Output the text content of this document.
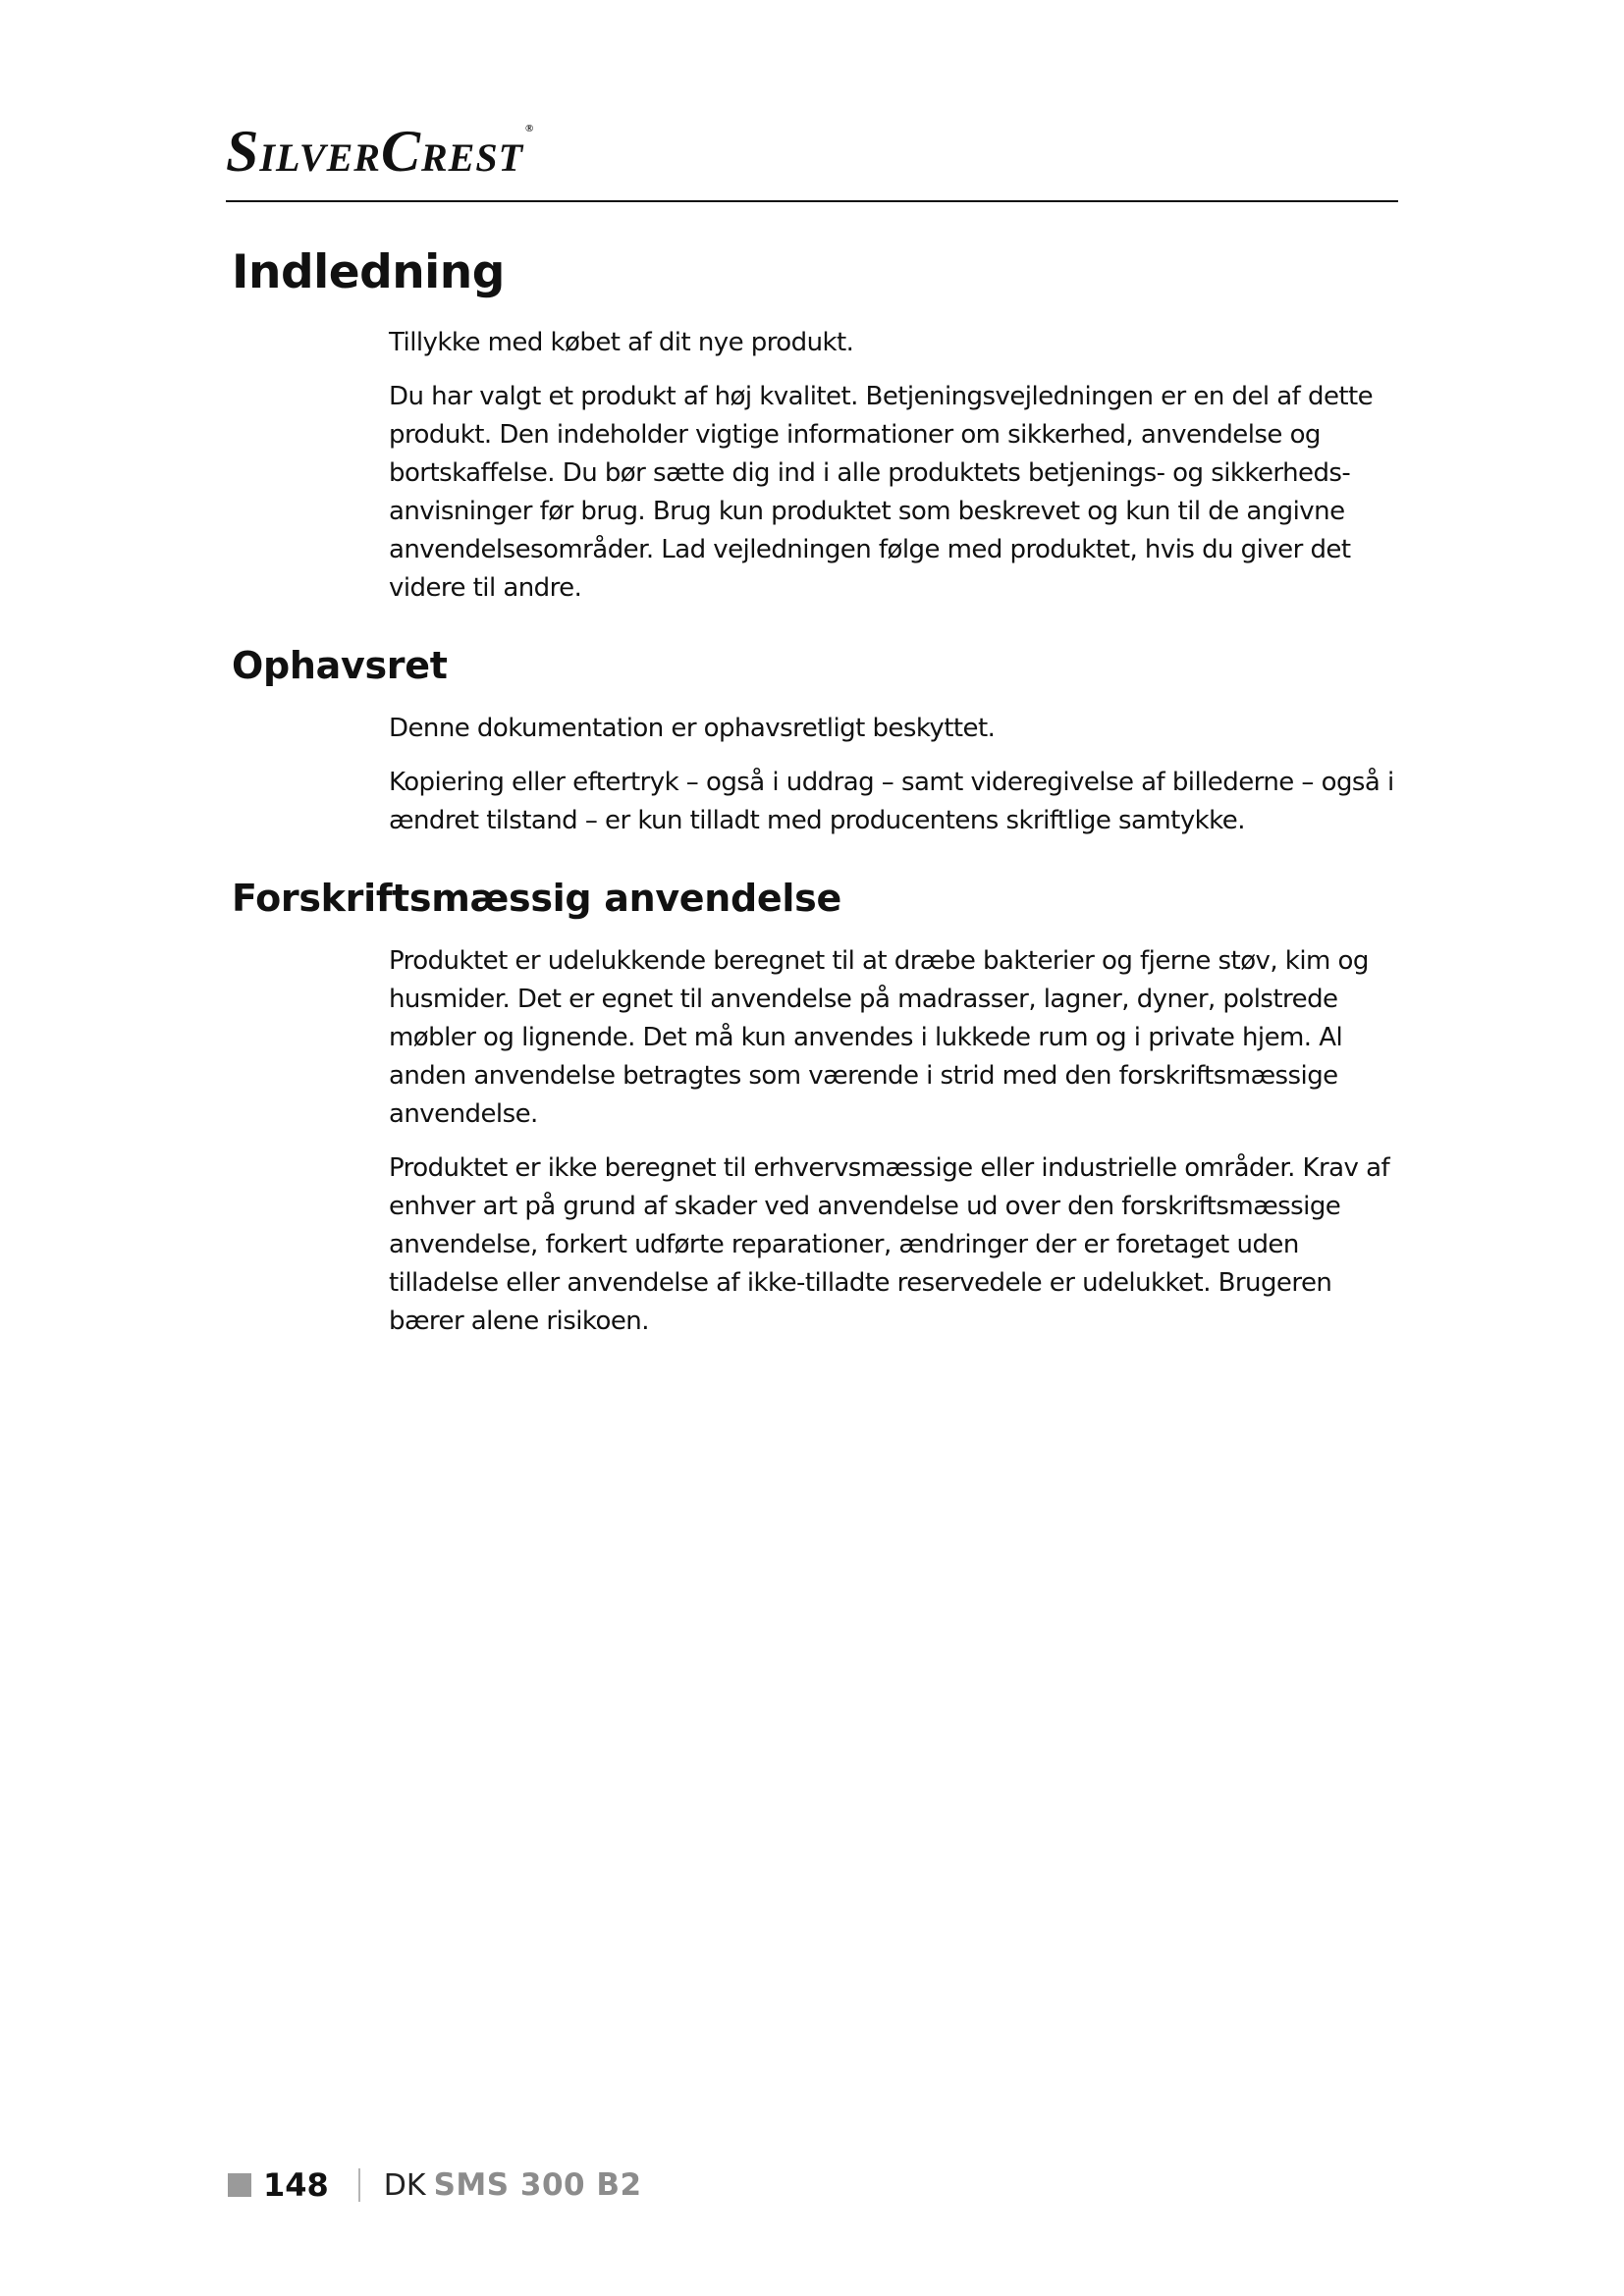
SILVERCREST®
Indledning

Tillykke med købet af dit nye produkt.

Du har valgt et produkt af høj kvalitet. Betjeningsvejledningen er en del af dette produkt. Den indeholder vigtige informationer om sikkerhed, anvendelse og bortskaffelse. Du bør sætte dig ind i alle produktets betjenings- og sikkerheds-anvisninger før brug. Brug kun produktet som beskrevet og kun til de angivne anvendelsesområder. Lad vejledningen følge med produktet, hvis du giver det videre til andre.

Ophavsret

Denne dokumentation er ophavsretligt beskyttet.

Kopiering eller eftertryk – også i uddrag – samt videregivelse af billederne – også i ændret tilstand – er kun tilladt med producentens skriftlige samtykke.

Forskriftsmæssig anvendelse

Produktet er udelukkende beregnet til at dræbe bakterier og fjerne støv, kim og husmider. Det er egnet til anvendelse på madrasser, lagner, dyner, polstrede møbler og lignende. Det må kun anvendes i lukkede rum og i private hjem. Al anden anvendelse betragtes som værende i strid med den forskriftsmæssige anvendelse.

Produktet er ikke beregnet til erhvervsmæssige eller industrielle områder. Krav af enhver art på grund af skader ved anvendelse ud over den forskriftsmæssige anvendelse, forkert udførte reparationer, ændringer der er foretaget uden tilladelse eller anvendelse af ikke-tilladte reservedele er udelukket. Brugeren bærer alene risikoen.

148 DK SMS 300 B2
